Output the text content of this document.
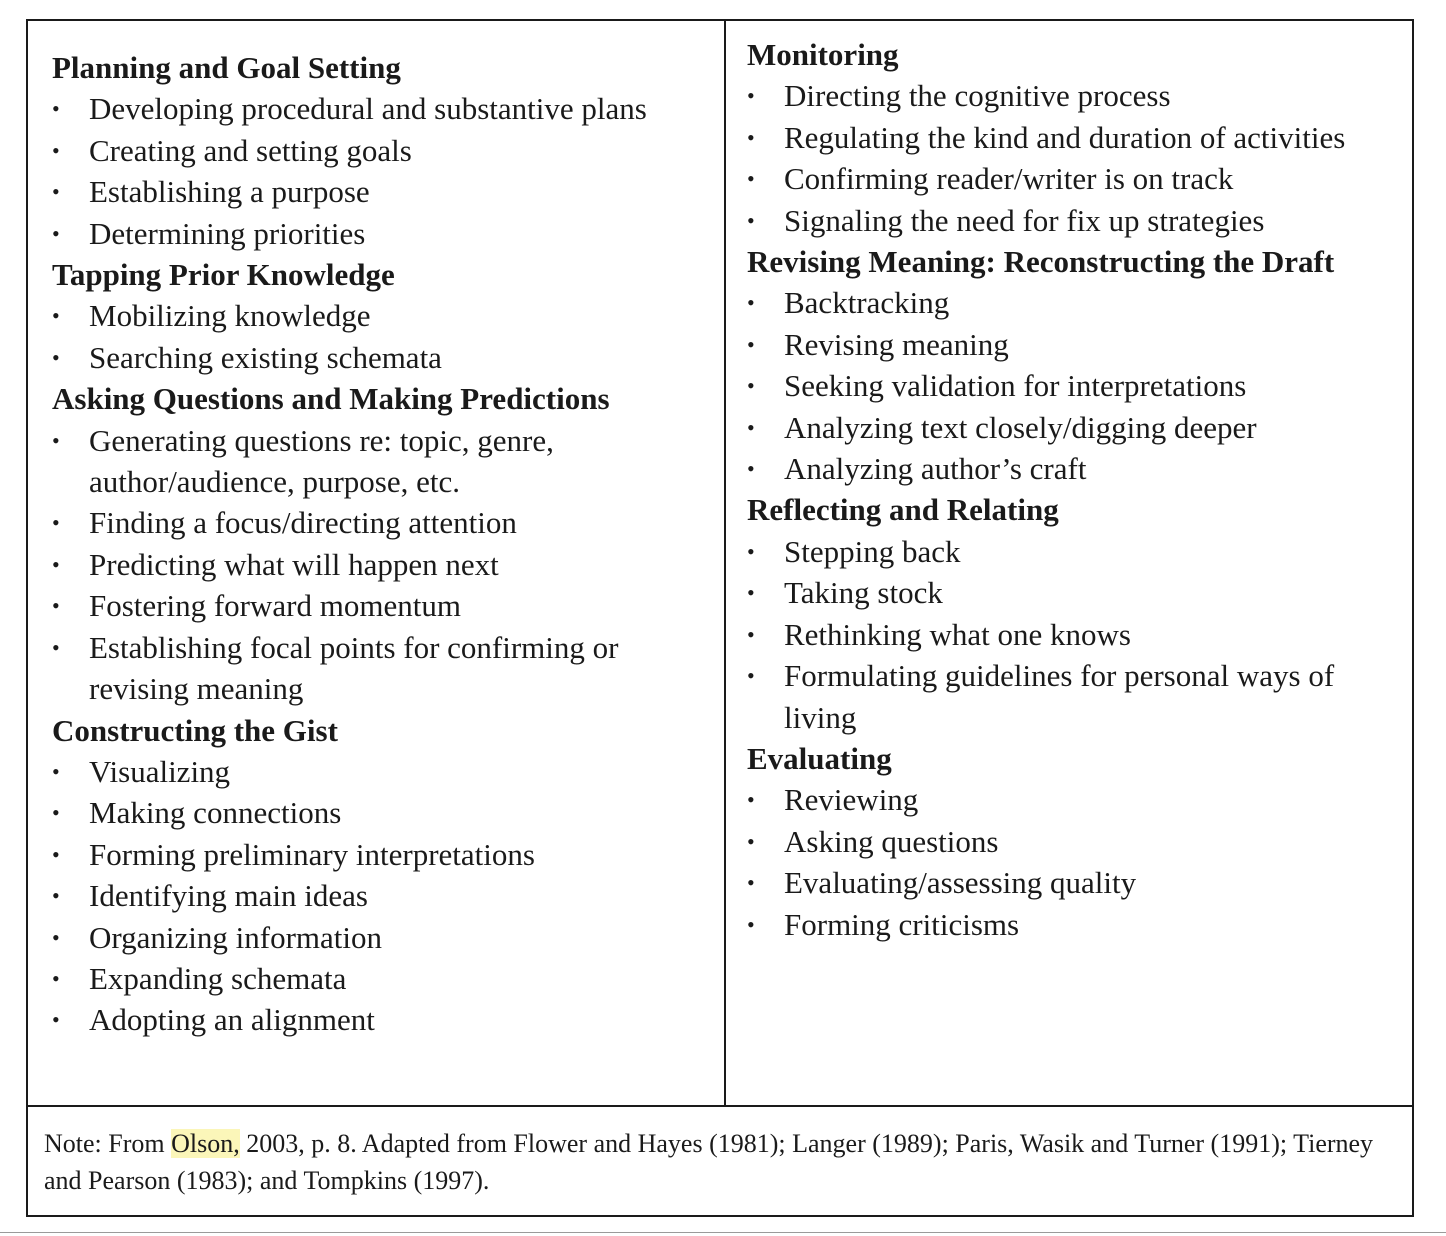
Planning and Goal Setting

• Developing procedural and substantive plans
• Creating and setting goals
• Establishing a purpose
• Determining priorities

Tapping Prior Knowledge

• Mobilizing knowledge
• Searching existing schemata

Asking Questions and Making Predictions

• Generating questions re: topic, genre, author/audience, purpose, etc.
• Finding a focus/directing attention
• Predicting what will happen next
• Fostering forward momentum
• Establishing focal points for confirming or revising meaning

Constructing the Gist

• Visualizing
• Making connections
• Forming preliminary interpretations
• Identifying main ideas
• Organizing information
• Expanding schemata
• Adopting an alignment

Monitoring

• Directing the cognitive process
• Regulating the kind and duration of activities
• Confirming reader/writer is on track
• Signaling the need for fix up strategies

Revising Meaning: Reconstructing the Draft

• Backtracking
• Revising meaning
• Seeking validation for interpretations
• Analyzing text closely/digging deeper
• Analyzing author’s craft

Reflecting and Relating

• Stepping back
• Taking stock
• Rethinking what one knows
• Formulating guidelines for personal ways of living

Evaluating

• Reviewing
• Asking questions
• Evaluating/assessing quality
• Forming criticisms
Note: From Olson, 2003, p. 8. Adapted from Flower and Hayes (1981); Langer (1989); Paris, Wasik and Turner (1991); Tierney and Pearson (1983); and Tompkins (1997).
